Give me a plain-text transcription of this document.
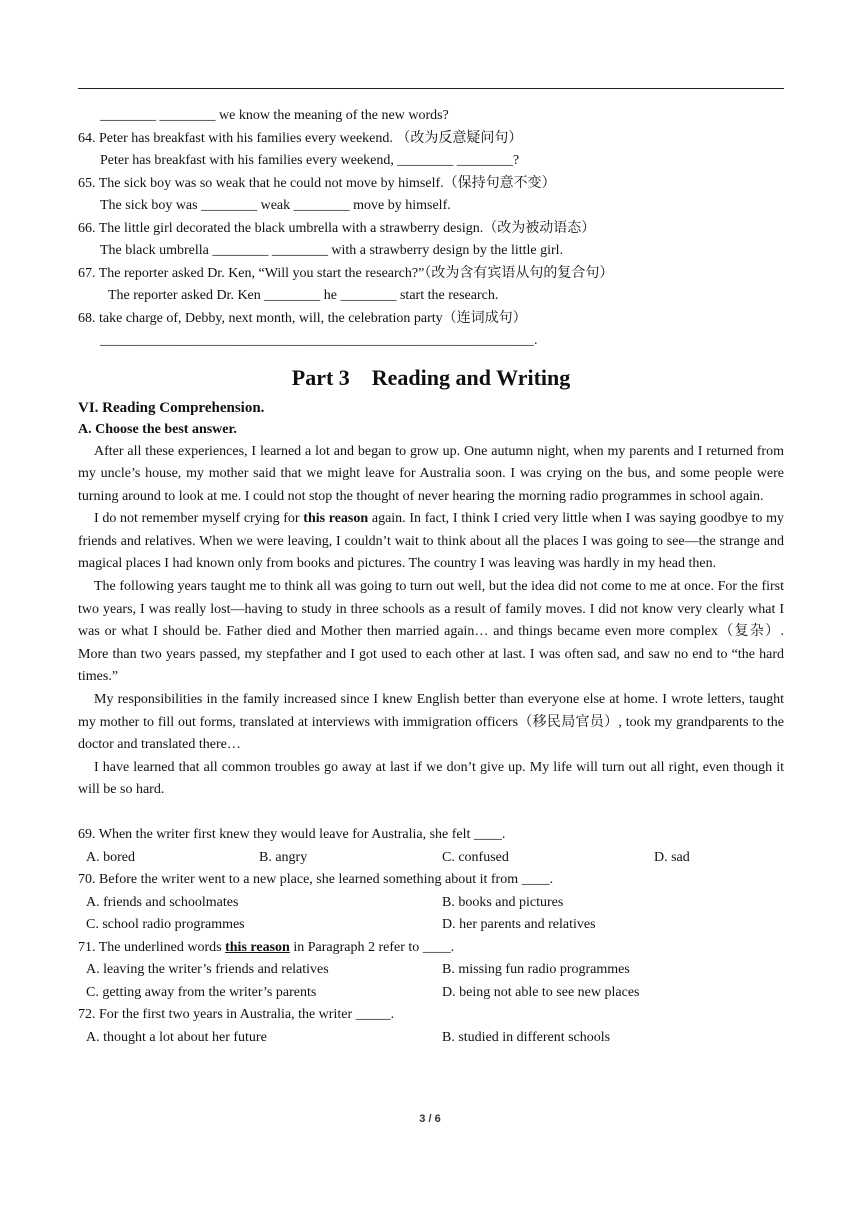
________ ________ we know the meaning of the new words?
64. Peter has breakfast with his families every weekend. （改为反意疑问句）
Peter has breakfast with his families every weekend, ________ ________?
65. The sick boy was so weak that he could not move by himself.（保持句意不变）
The sick boy was ________ weak ________ move by himself.
66. The little girl decorated the black umbrella with a strawberry design.（改为被动语态）
The black umbrella ________ ________ with a strawberry design by the little girl.
67. The reporter asked Dr. Ken, “Will you start the research?”（改为含有宾语从句的复合句）
The reporter asked Dr. Ken ________ he ________ start the research.
68. take charge of, Debby, next month, will, the celebration party（连词成句）
______________________________________________________________.
Part 3　Reading and Writing
VI. Reading Comprehension.
A. Choose the best answer.

After all these experiences, I learned a lot and began to grow up. One autumn night, when my parents and I returned from my uncle’s house, my mother said that we might leave for Australia soon. I was crying on the bus, and some people were turning around to look at me. I could not stop the thought of never hearing the morning radio programmes in school again.

I do not remember myself crying for this reason again. In fact, I think I cried very little when I was saying goodbye to my friends and relatives. When we were leaving, I couldn’t wait to think about all the places I was going to see—the strange and magical places I had known only from books and pictures. The country I was leaving was hardly in my head then.

The following years taught me to think all was going to turn out well, but the idea did not come to me at once. For the first two years, I was really lost—having to study in three schools as a result of family moves. I did not know very clearly what I was or what I should be. Father died and Mother then married again… and things became even more complex（复杂）. More than two years passed, my stepfather and I got used to each other at last. I was often sad, and saw no end to “the hard times.”

My responsibilities in the family increased since I knew English better than everyone else at home. I wrote letters, taught my mother to fill out forms, translated at interviews with immigration officers（移民局官员）, took my grandparents to the doctor and translated there…

I have learned that all common troubles go away at last if we don’t give up. My life will turn out all right, even though it will be so hard.

69. When the writer first knew they would leave for Australia, she felt ____.
A. bored	B. angry	C. confused	D. sad
70. Before the writer went to a new place, she learned something about it from ____.
A. friends and schoolmates	B. books and pictures
C. school radio programmes	D. her parents and relatives
71. The underlined words this reason in Paragraph 2 refer to ____.
A. leaving the writer’s friends and relatives	B. missing fun radio programmes
C. getting away from the writer’s parents	D. being not able to see new places
72. For the first two years in Australia, the writer _____.
A. thought a lot about her future	B. studied in different schools
3 / 6
